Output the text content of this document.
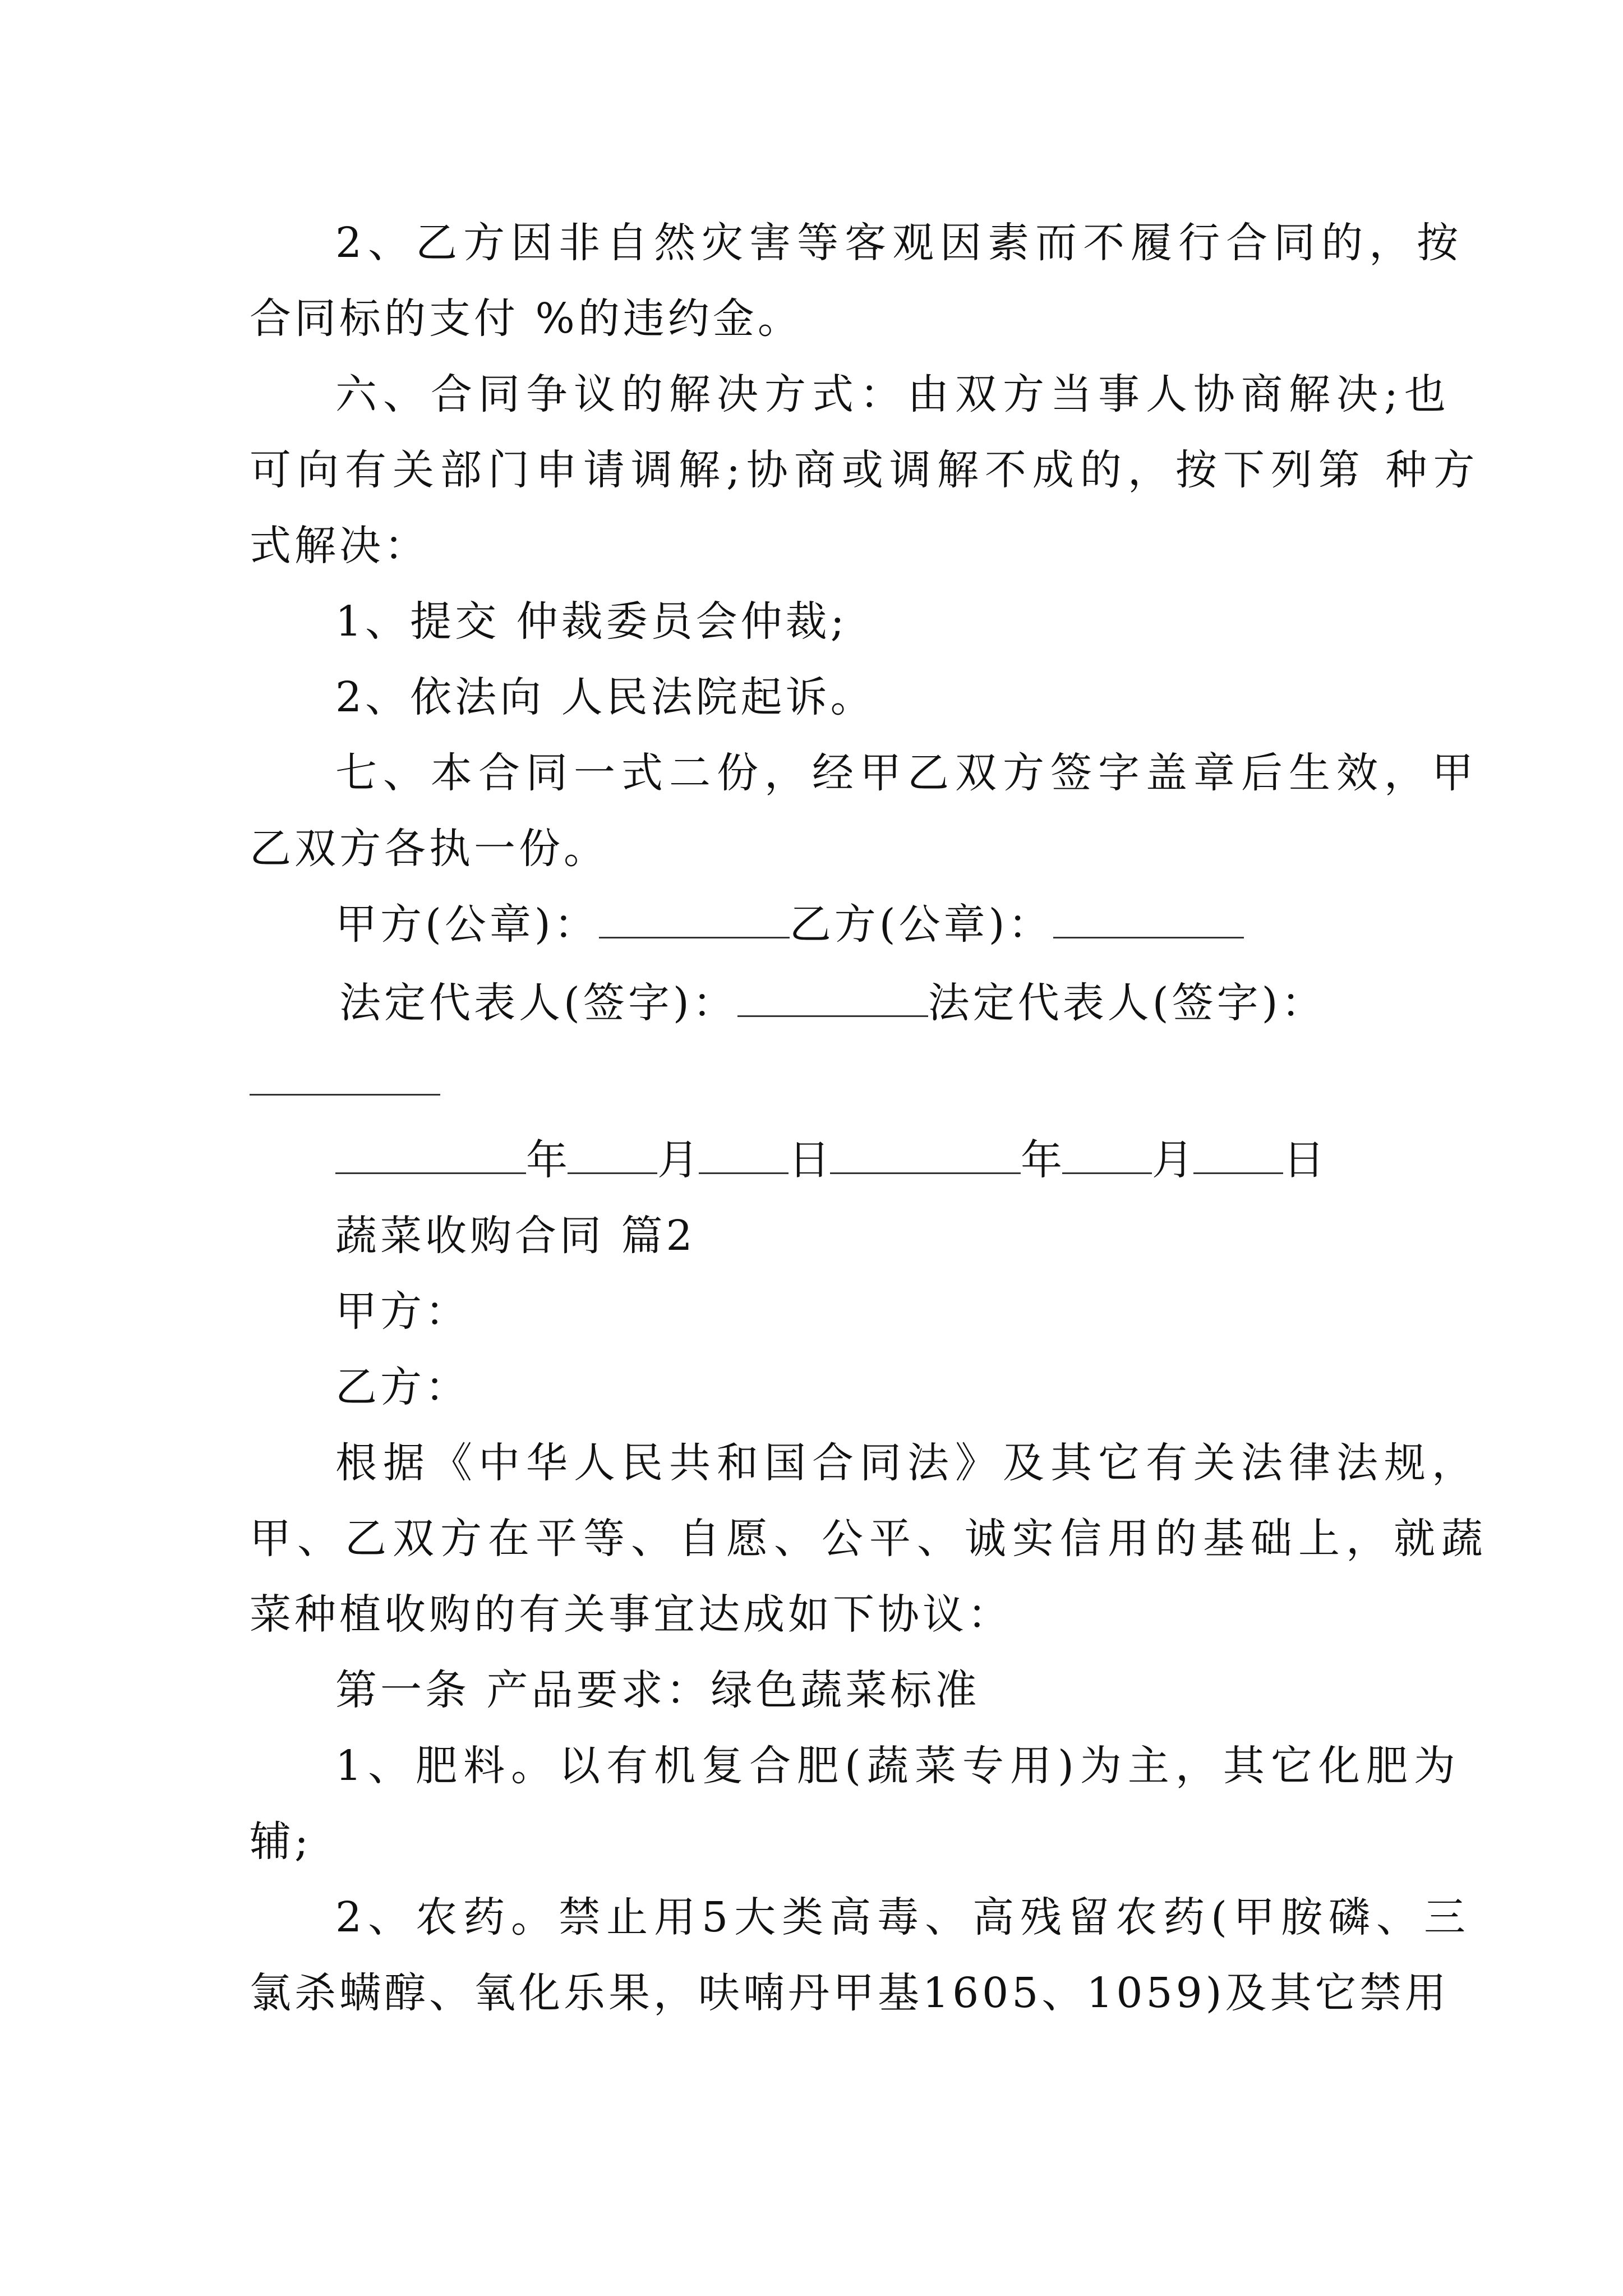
2、乙方因非自然灾害等客观因素而不履行合同的，按
合同标的支付 %的违约金。
六、合同争议的解决方式：由双方当事人协商解决;也
可向有关部门申请调解;协商或调解不成的，按下列第 种方
式解决：
1、提交 仲裁委员会仲裁;
2、依法向 人民法院起诉。
七、本合同一式二份，经甲乙双方签字盖章后生效，甲
乙双方各执一份。
甲方(公章)：	乙方(公章)：
法定代表人(签字)：	法定代表人(签字)：
年 月 日	年 月 日
蔬菜收购合同 篇2
甲方：
乙方：
根据《中华人民共和国合同法》及其它有关法律法规，
甲、乙双方在平等、自愿、公平、诚实信用的基础上，就蔬
菜种植收购的有关事宜达成如下协议：
第一条 产品要求：绿色蔬菜标准
1、肥料。以有机复合肥(蔬菜专用)为主，其它化肥为
辅;
2、农药。禁止用5大类高毒、高残留农药(甲胺磷、三
氯杀螨醇、氧化乐果，呋喃丹甲基1605、1059)及其它禁用
